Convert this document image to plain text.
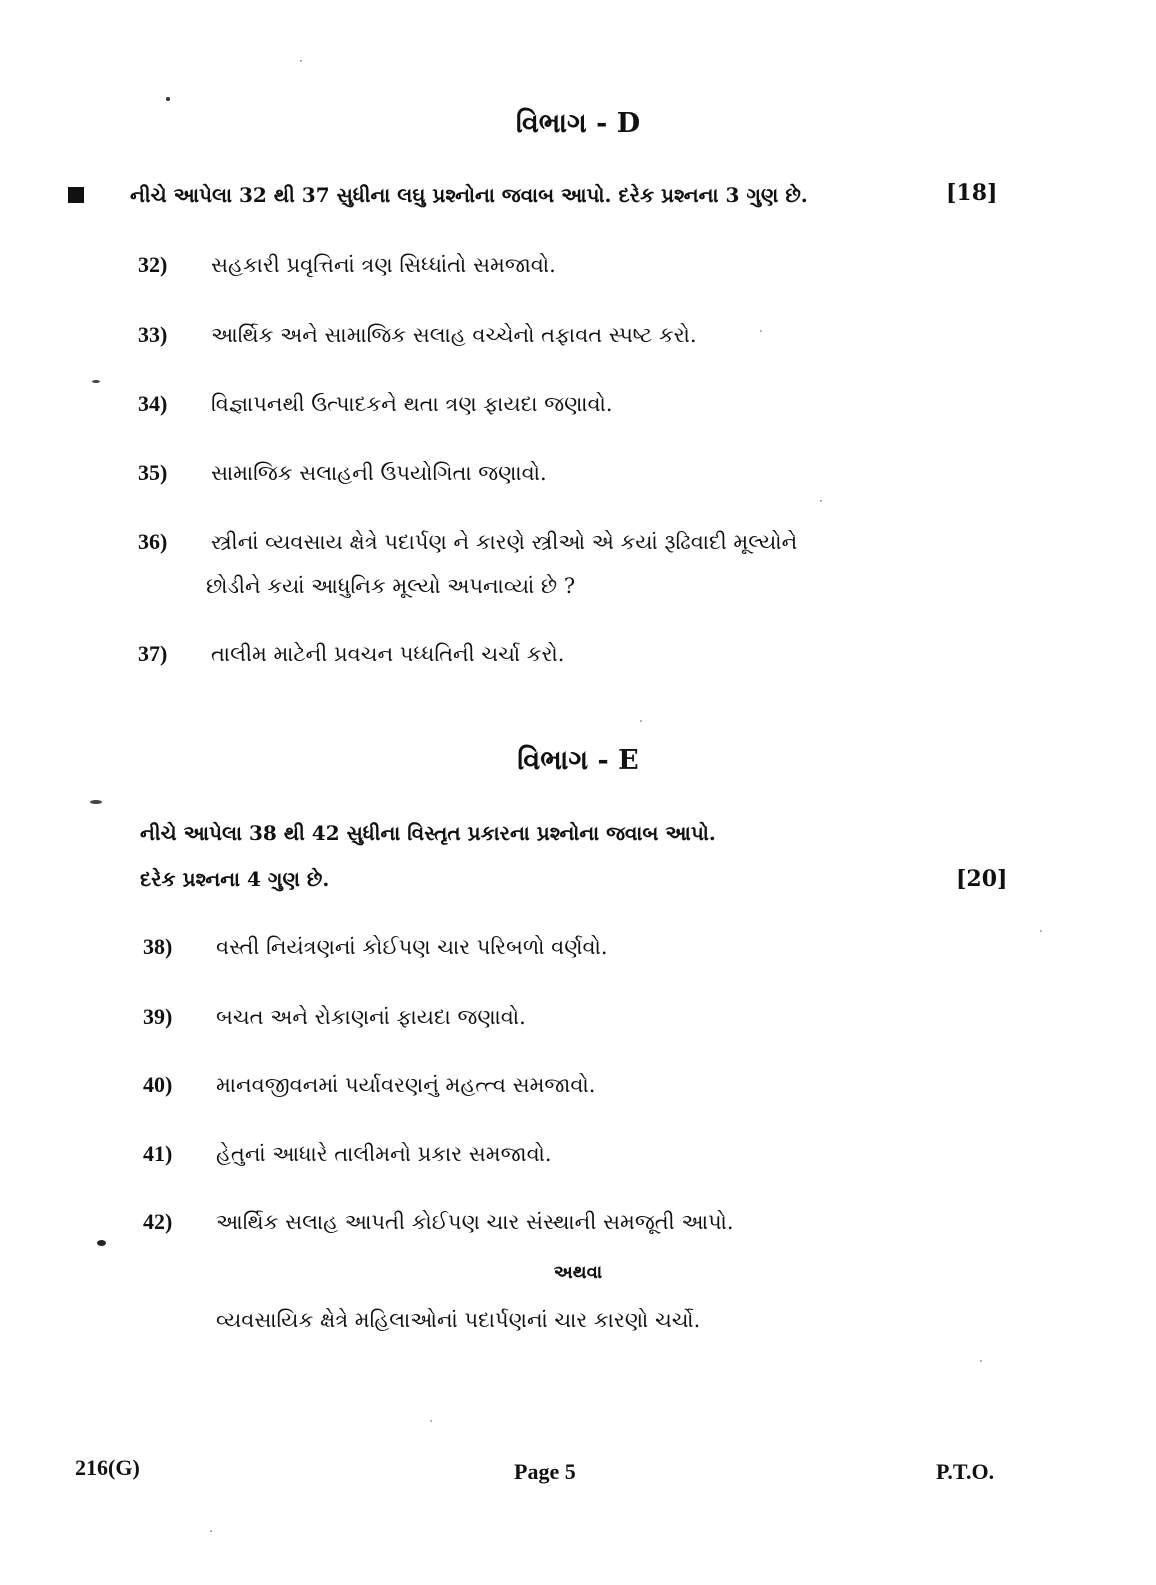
વિભાગ - D
નીચે આપેલા 32 થી 37 સુધીના લઘુ પ્રશ્નોના જવાબ આપો. દરેક પ્રશ્નના 3 ગુણ છે.	[18]
32) સહકારી પ્રવૃત્તિનાં ત્રણ સિધ્ધાંતો સમજાવો.
33) આર્થિક અને સામાજિક સલાહ વચ્ચેનો તફાવત સ્પષ્ટ કરો.
34) વિજ્ઞાપનથી ઉત્પાદકને થતા ત્રણ ફાયદા જણાવો.
35) સામાજિક સલાહની ઉપયોગિતા જણાવો.
36) સ્ત્રીનાં વ્યવસાય ક્ષેત્રે પદાર્પણ ને કારણે સ્ત્રીઓ એ કયાં રૂઢિવાદી મૂલ્યોને
છોડીને કયાં આધુનિક મૂલ્યો અપનાવ્યાં છે ?
37) તાલીમ માટેની પ્રવચન પધ્ધતિની ચર્ચા કરો.
વિભાગ - E
નીચે આપેલા 38 થી 42 સુધીના વિસ્તૃત પ્રકારના પ્રશ્નોના જવાબ આપો.
દરેક પ્રશ્નના 4 ગુણ છે.	[20]
38) વસ્તી નિયંત્રણનાં કોઈપણ ચાર પરિબળો વર્ણવો.
39) બચત અને રોકાણનાં ફાયદા જણાવો.
40) માનવજીવનમાં પર્યાવરણનું મહત્ત્વ સમજાવો.
41) હેતુનાં આધારે તાલીમનો પ્રકાર સમજાવો.
42) આર્થિક સલાહ આપતી કોઈપણ ચાર સંસ્થાની સમજૂતી આપો.
અથવા
વ્યવસાયિક ક્ષેત્રે મહિલાઓનાં પદાર્પણનાં ચાર કારણો ચર્ચો.
216(G)	Page 5	P.T.O.
